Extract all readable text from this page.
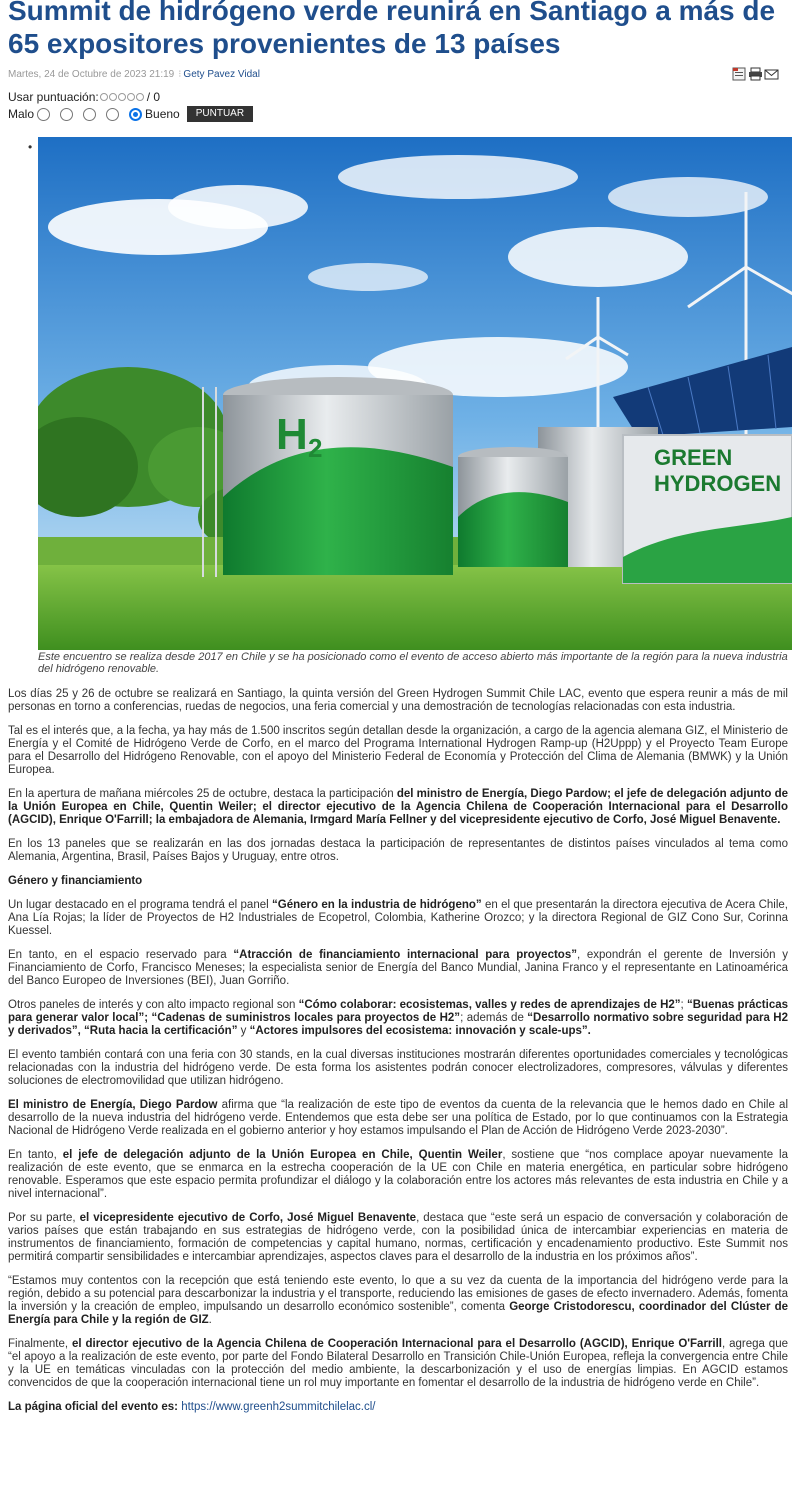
Summit de hidrógeno verde reunirá en Santiago a más de 65 expositores provenientes de 13 países
Martes, 24 de Octubre de 2023 21:19 ⁝ Gety Pavez Vidal
Usar puntuación:	/ 0
Malo	Bueno	PUNTUAR
•
H 2	GREEN
HYDROGEN

Este encuentro se realiza desde 2017 en Chile y se ha posicionado como el evento de acceso abierto más importante de la región para la nueva industria del hidrógeno renovable.

Los días 25 y 26 de octubre se realizará en Santiago, la quinta versión del Green Hydrogen Summit Chile LAC, evento que espera reunir a más de mil personas en torno a conferencias, ruedas de negocios, una feria comercial y una demostración de tecnologías relacionadas con esta industria.

Tal es el interés que, a la fecha, ya hay más de 1.500 inscritos según detallan desde la organización, a cargo de la agencia alemana GIZ, el Ministerio de Energía y el Comité de Hidrógeno Verde de Corfo, en el marco del Programa International Hydrogen Ramp-up (H2Uppp) y el Proyecto Team Europe para el Desarrollo del Hidrógeno Renovable, con el apoyo del Ministerio Federal de Economía y Protección del Clima de Alemania (BMWK) y la Unión Europea.

En la apertura de mañana miércoles 25 de octubre, destaca la participación del ministro de Energía, Diego Pardow; el jefe de delegación adjunto de la Unión Europea en Chile, Quentin Weiler; el director ejecutivo de la Agencia Chilena de Cooperación Internacional para el Desarrollo (AGCID), Enrique O'Farrill; la embajadora de Alemania, Irmgard María Fellner y del vicepresidente ejecutivo de Corfo, José Miguel Benavente.

En los 13 paneles que se realizarán en las dos jornadas destaca la participación de representantes de distintos países vinculados al tema como Alemania, Argentina, Brasil, Países Bajos y Uruguay, entre otros.

Género y financiamiento

Un lugar destacado en el programa tendrá el panel “Género en la industria de hidrógeno” en el que presentarán la directora ejecutiva de Acera Chile, Ana Lía Rojas; la líder de Proyectos de H2 Industriales de Ecopetrol, Colombia, Katherine Orozco; y la directora Regional de GIZ Cono Sur, Corinna Kuessel.

En tanto, en el espacio reservado para “Atracción de financiamiento internacional para proyectos”, expondrán el gerente de Inversión y Financiamiento de Corfo, Francisco Meneses; la especialista senior de Energía del Banco Mundial, Janina Franco y el representante en Latinoamérica del Banco Europeo de Inversiones (BEI), Juan Gorriño.

Otros paneles de interés y con alto impacto regional son “Cómo colaborar: ecosistemas, valles y redes de aprendizajes de H2”; “Buenas prácticas para generar valor local”; “Cadenas de suministros locales para proyectos de H2”; además de “Desarrollo normativo sobre seguridad para H2 y derivados”, “Ruta hacia la certificación” y “Actores impulsores del ecosistema: innovación y scale-ups”.

El evento también contará con una feria con 30 stands, en la cual diversas instituciones mostrarán diferentes oportunidades comerciales y tecnológicas relacionadas con la industria del hidrógeno verde. De esta forma los asistentes podrán conocer electrolizadores, compresores, válvulas y diferentes soluciones de electromovilidad que utilizan hidrógeno.

El ministro de Energía, Diego Pardow afirma que “la realización de este tipo de eventos da cuenta de la relevancia que le hemos dado en Chile al desarrollo de la nueva industria del hidrógeno verde. Entendemos que esta debe ser una política de Estado, por lo que continuamos con la Estrategia Nacional de Hidrógeno Verde realizada en el gobierno anterior y hoy estamos impulsando el Plan de Acción de Hidrógeno Verde 2023-2030”.

En tanto, el jefe de delegación adjunto de la Unión Europea en Chile, Quentin Weiler, sostiene que “nos complace apoyar nuevamente la realización de este evento, que se enmarca en la estrecha cooperación de la UE con Chile en materia energética, en particular sobre hidrógeno renovable. Esperamos que este espacio permita profundizar el diálogo y la colaboración entre los actores más relevantes de esta industria en Chile y a nivel internacional”.

Por su parte, el vicepresidente ejecutivo de Corfo, José Miguel Benavente, destaca que “este será un espacio de conversación y colaboración de varios países que están trabajando en sus estrategias de hidrógeno verde, con la posibilidad única de intercambiar experiencias en materia de instrumentos de financiamiento, formación de competencias y capital humano, normas, certificación y encadenamiento productivo. Este Summit nos permitirá compartir sensibilidades e intercambiar aprendizajes, aspectos claves para el desarrollo de la industria en los próximos años”.

“Estamos muy contentos con la recepción que está teniendo este evento, lo que a su vez da cuenta de la importancia del hidrógeno verde para la región, debido a su potencial para descarbonizar la industria y el transporte, reduciendo las emisiones de gases de efecto invernadero. Además, fomenta la inversión y la creación de empleo, impulsando un desarrollo económico sostenible”, comenta George Cristodorescu, coordinador del Clúster de Energía para Chile y la región de GIZ.

Finalmente, el director ejecutivo de la Agencia Chilena de Cooperación Internacional para el Desarrollo (AGCID), Enrique O'Farrill, agrega que “el apoyo a la realización de este evento, por parte del Fondo Bilateral Desarrollo en Transición Chile-Unión Europea, refleja la convergencia entre Chile y la UE en temáticas vinculadas con la protección del medio ambiente, la descarbonización y el uso de energías limpias. En AGCID estamos convencidos de que la cooperación internacional tiene un rol muy importante en fomentar el desarrollo de la industria de hidrógeno verde en Chile”.

La página oficial del evento es: https://www.greenh2summitchilelac.cl/
